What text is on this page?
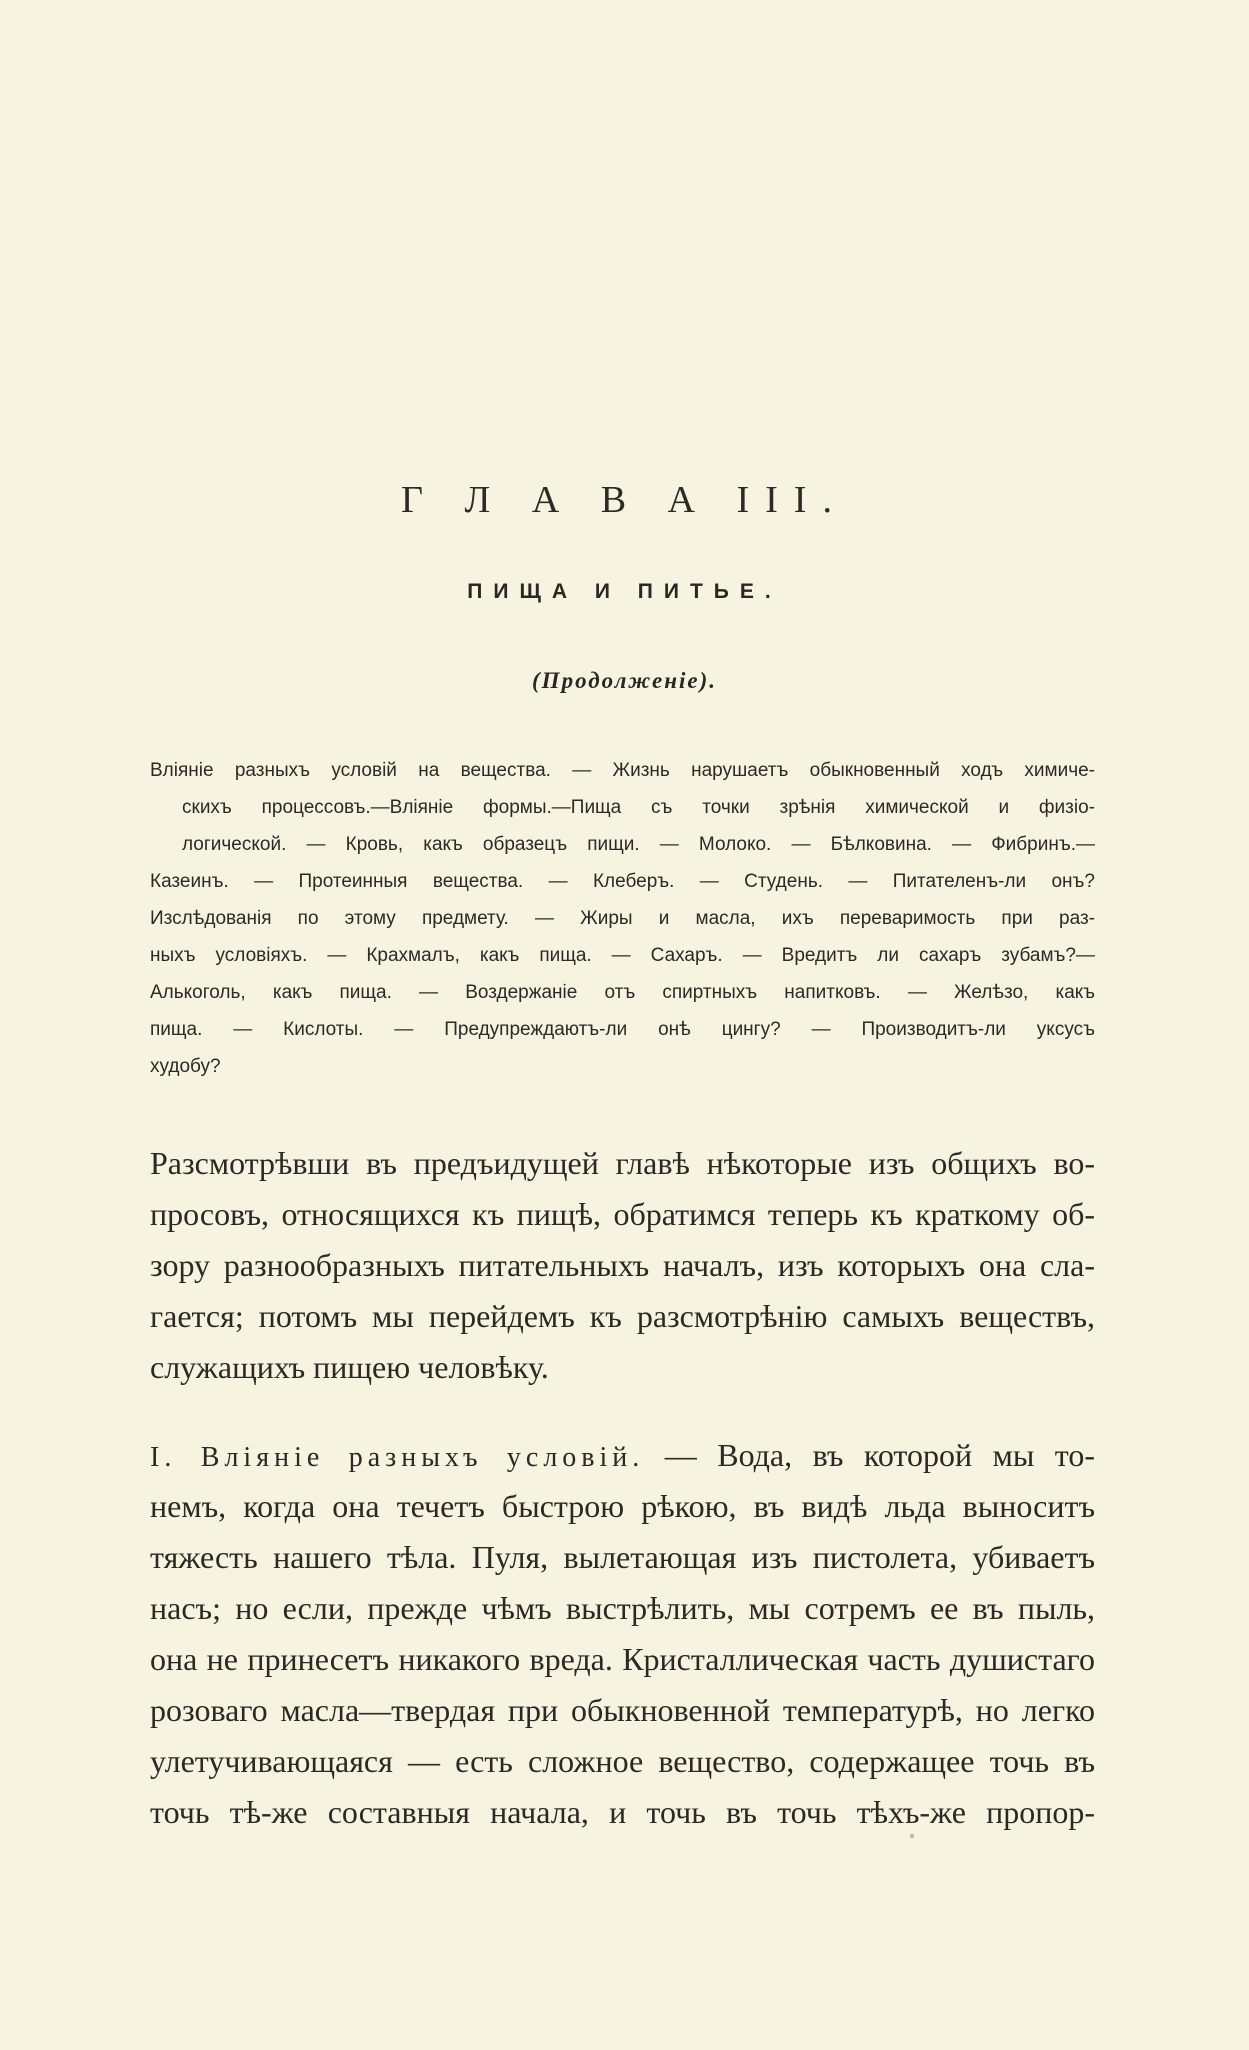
Г Л А В А III.
ПИЩА И ПИТЬЕ.
(Продолженіе).
Вліяніе разныхъ условій на вещества. — Жизнь нарушаетъ обыкновенный ходъ химиче-
скихъ процессовъ.—Вліяніе формы.—Пища съ точки зрѣнія химической и физіо-
логической. — Кровь, какъ образецъ пищи. — Молоко. — Бѣлковина. — Фибринъ.—
Казеинъ. — Протеинныя вещества. — Клеберъ. — Студень. — Питателенъ-ли онъ?
Изслѣдованія по этому предмету. — Жиры и масла, ихъ переваримость при раз-
ныхъ условіяхъ. — Крахмалъ, какъ пища. — Сахаръ. — Вредитъ ли сахаръ зубамъ?—
Алькоголь, какъ пища. — Воздержаніе отъ спиртныхъ напитковъ. — Желѣзо, какъ
пища. — Кислоты. — Предупреждаютъ-ли онѣ цингу? — Производитъ-ли уксусъ
худобу?
Разсмотрѣвши въ предъидущей главѣ нѣкоторые изъ общихъ во-
просовъ, относящихся къ пищѣ, обратимся теперь къ краткому об-
зору разнообразныхъ питательныхъ началъ, изъ которыхъ она сла-
гается; потомъ мы перейдемъ къ разсмотрѣнію самыхъ веществъ,
служащихъ пищею человѣку.
I. Вліяніе разныхъ условій. — Вода, въ которой мы то-
немъ, когда она течетъ быстрою рѣкою, въ видѣ льда выноситъ
тяжесть нашего тѣла. Пуля, вылетающая изъ пистолета, убиваетъ
насъ; но если, прежде чѣмъ выстрѣлить, мы сотремъ ее въ пыль,
она не принесетъ никакого вреда. Кристаллическая часть душистаго
розоваго масла—твердая при обыкновенной температурѣ, но легко
улетучивающаяся — есть сложное вещество, содержащее точь въ
точь тѣ-же составныя начала, и точь въ точь тѣхъ-же пропор-
